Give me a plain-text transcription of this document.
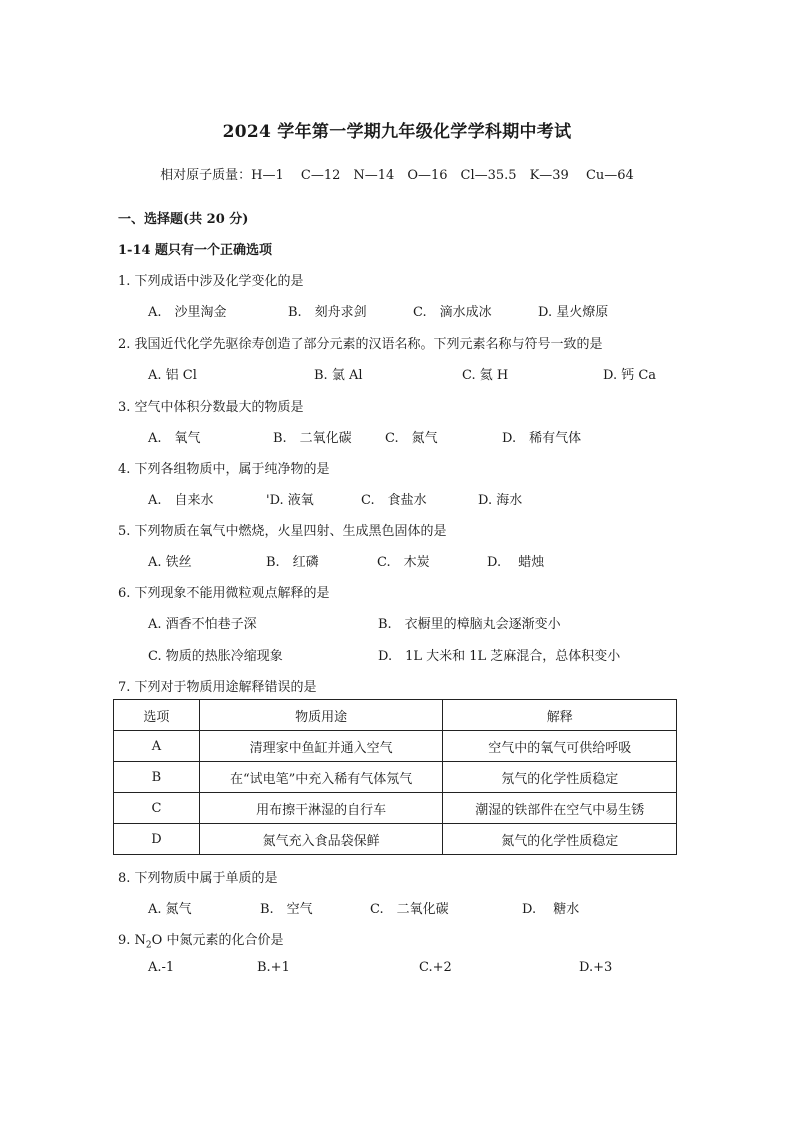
2024 学年第一学期九年级化学学科期中考试
相对原子质量：H—1　 C—12　N—14　O—16　Cl—35.5　K—39　 Cu—64
一、选择题(共 20 分)
1-14 题只有一个正确选项
1. 下列成语中涉及化学变化的是
A.　沙里淘金	B.　刻舟求剑	C.　滴水成冰	D. 星火燎原
2. 我国近代化学先驱徐寿创造了部分元素的汉语名称。下列元素名称与符号一致的是
A. 铝 Cl	B. 氯 Al	C. 氦 H	D. 钙 Ca
3. 空气中体积分数最大的物质是
A.　氧气	B.　二氧化碳	C.　氮气	D.　稀有气体
4. 下列各组物质中，属于纯净物的是
A.　自来水	'D. 液氧	C.　食盐水	D. 海水
5. 下列物质在氧气中燃烧，火星四射、生成黑色固体的是
A. 铁丝	B.　红磷	C.　木炭	D.　 蜡烛
6. 下列现象不能用微粒观点解释的是
A. 酒香不怕巷子深	B.　衣橱里的樟脑丸会逐渐变小
C. 物质的热胀冷缩现象	D.　1L 大米和 1L 芝麻混合，总体积变小
7. 下列对于物质用途解释错误的是
选项	物质用途	解释
A	清理家中鱼缸并通入空气	空气中的氧气可供给呼吸
B	在“试电笔”中充入稀有气体氖气	氖气的化学性质稳定
C	用布擦干淋湿的自行车	潮湿的铁部件在空气中易生锈
D	氮气充入食品袋保鲜	氮气的化学性质稳定
8. 下列物质中属于单质的是
A. 氮气	B.　空气	C.　二氧化碳	D.　 糖水
9. $N_2O$ 中氮元素的化合价是
A.-1	B.+1	C.+2	D.+3
